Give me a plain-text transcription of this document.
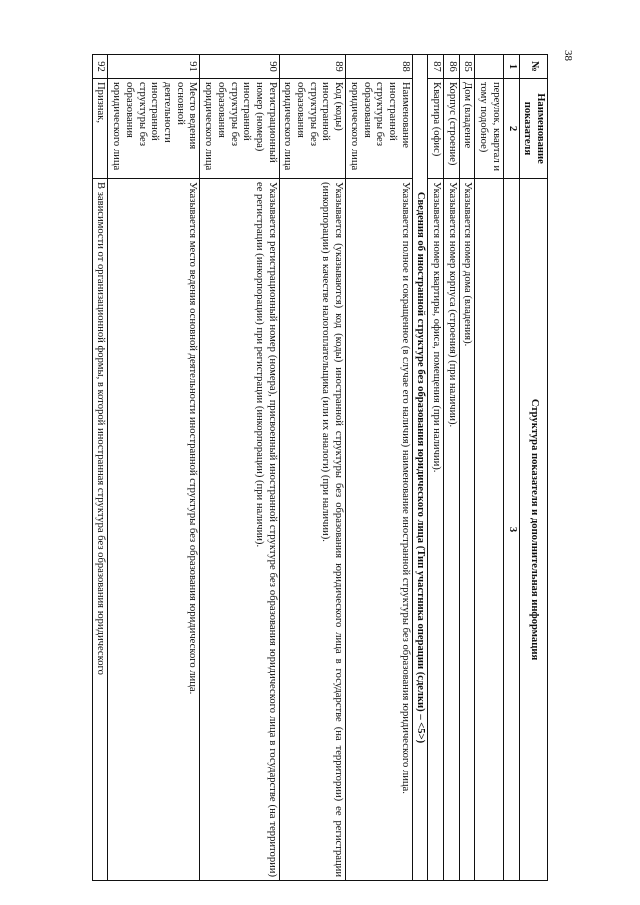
38
№	Наименование показателя	Структура показателя и дополнительная информация
1	2	3
	переулок, квартал и тому подобное)	
85	Дом (владение	Указывается номер дома (владения).
86	Корпус (строение)	Указывается номер корпуса (строения) (при наличии).
87	Квартира (офис)	Указывается номер квартиры, офиса, помещения (при наличии).
Сведения об иностранной структуре без образования юридического лица (Тип участника операции (сделки) – <5>)		
88	Наименование иностранной структуры без образования юридического лица	Указывается полное и сокращенное (в случае его наличия) наименование иностранной структуры без образования юридического лица.
89	Код (коды) иностранной структуры без образования юридического лица	Указывается (указываются) код (коды) иностранной структуры без образования юридического лица в государстве (на территории) ее регистрации (инкорпорации) в качестве налогоплательщика (или их аналоги) (при наличии).
90	Регистрационный номер (номера) иностранной структуры без образования юридического лица	Указывается регистрационный номер (номера), присвоенный иностранной структуре без образования юридического лица в государстве (на территории) ее регистрации (инкорпорации) при регистрации (инкорпорации) (при наличии).
91	Место ведения основной деятельности иностранной структуры без образования юридического лица	Указывается место ведения основной деятельности иностранной структуры без образования юридического лица.
92	Признак,	В зависимости от организационной формы, в которой иностранная структура без образования юридического
